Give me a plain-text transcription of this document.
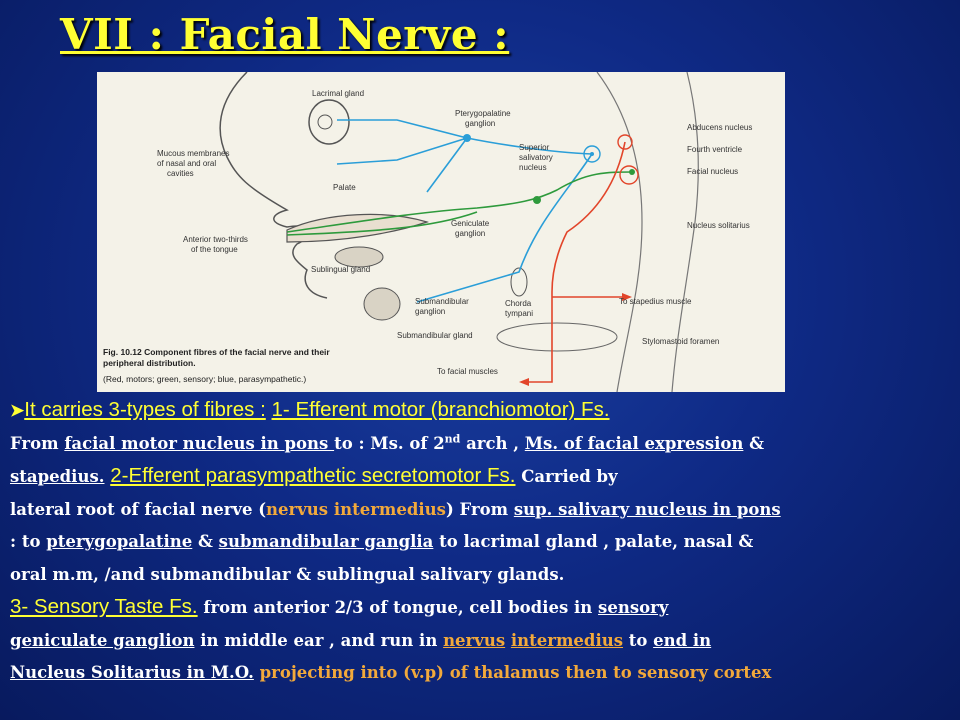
VII : Facial Nerve :
Lacrimal gland
Mucous membranes
of nasal and oral
cavities
Palate
Pterygopalatine
ganglion
Superior
salivatory
nucleus
Abducens nucleus
Fourth ventricle
Facial nucleus
Geniculate
ganglion
Anterior two-thirds
of the tongue
Nucleus solitarius
Sublingual gland
Submandibular
ganglion
Chorda
tympani
To stapedius muscle
Submandibular gland
Stylomastoid foramen
To facial muscles
Fig. 10.12 Component fibres of the facial nerve and their
peripheral distribution.
(Red, motors; green, sensory; blue, parasympathetic.)
➤It carries 3-types of fibres : 1- Efferent motor (branchiomotor) Fs.
From facial motor nucleus in pons to : Ms. of 2nd arch , Ms. of facial expression &
stapedius. 2-Efferent parasympathetic secretomotor Fs. Carried by
lateral root of facial nerve (nervus intermedius) From sup. salivary nucleus in pons
: to pterygopalatine & submandibular ganglia to lacrimal gland , palate, nasal &
oral m.m, /and submandibular & sublingual salivary glands.
3- Sensory Taste Fs. from anterior 2/3 of tongue, cell bodies in sensory
geniculate ganglion in middle ear , and run in nervus intermedius to end in
Nucleus Solitarius in M.O. projecting into (v.p) of thalamus then to sensory cortex
